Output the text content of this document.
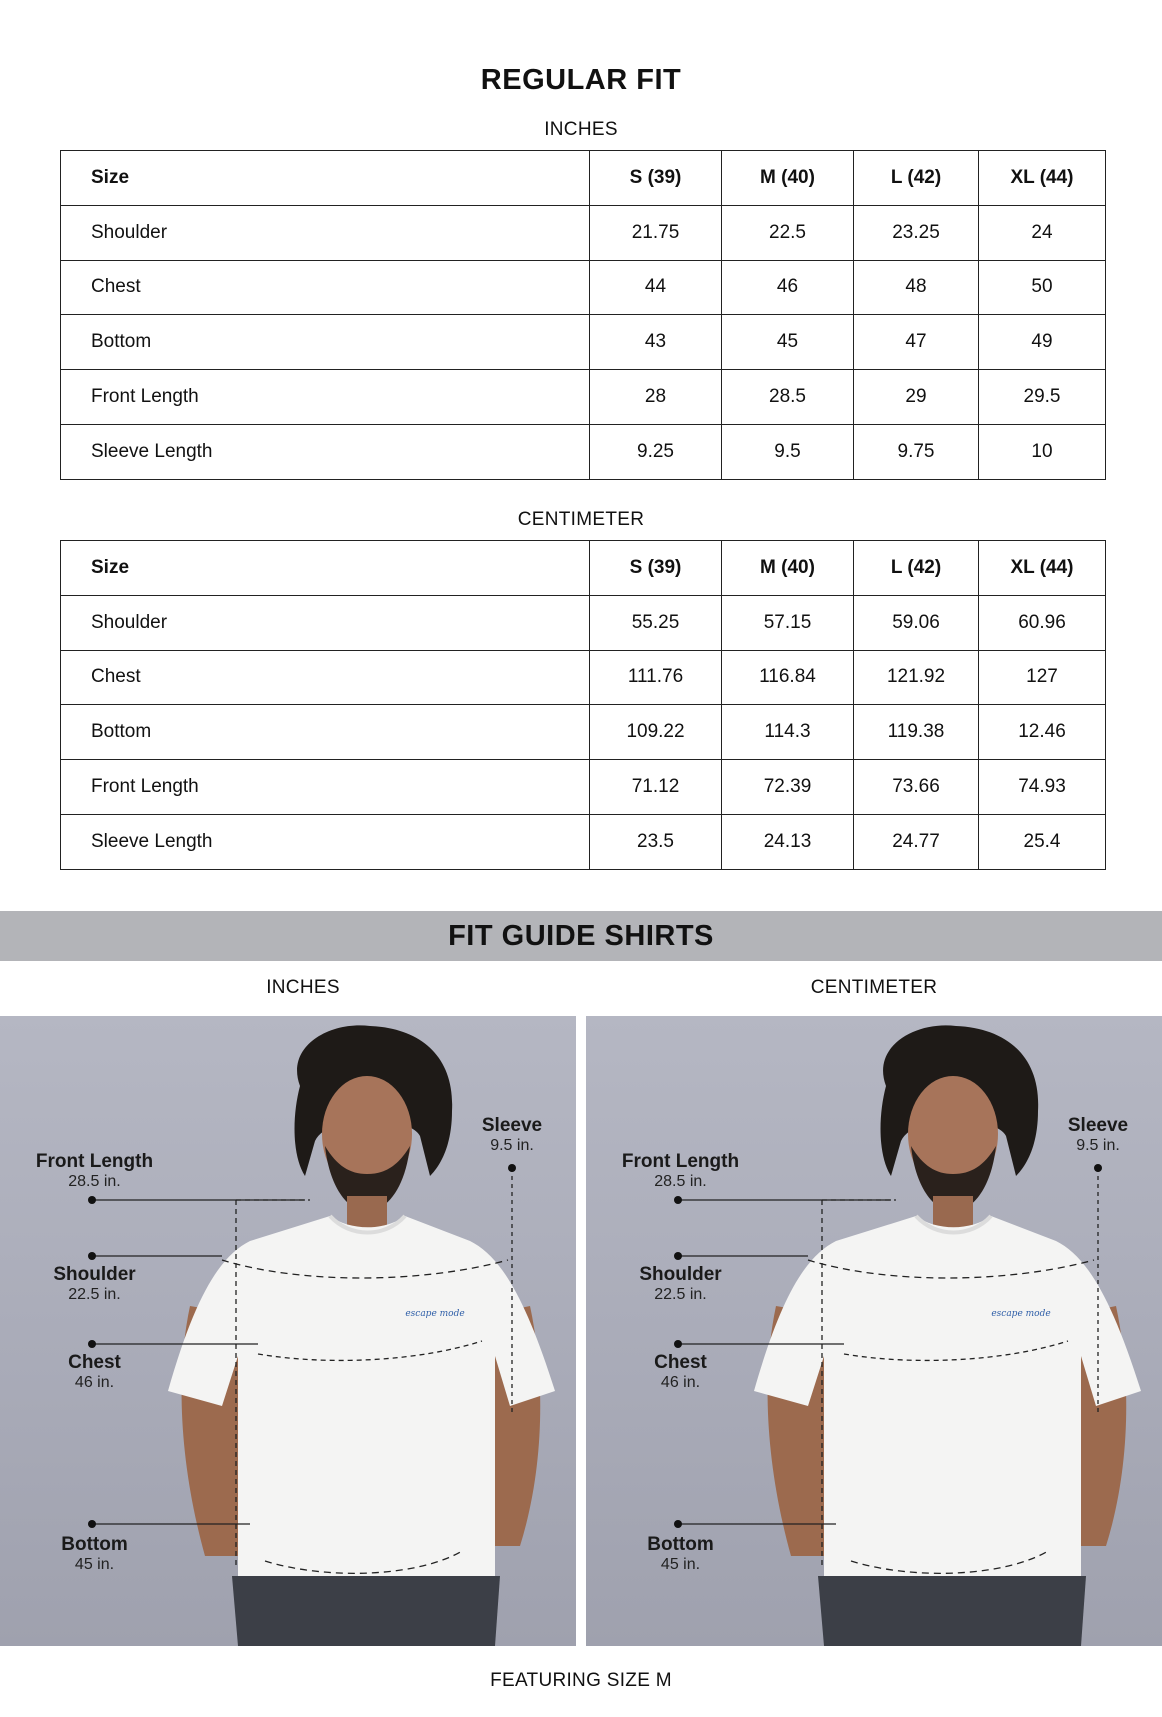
REGULAR FIT
INCHES
Size	S (39)	M (40)	L (42)	XL (44)
Shoulder	21.75	22.5	23.25	24
Chest	44	46	48	50
Bottom	43	45	47	49
Front Length	28	28.5	29	29.5
Sleeve Length	9.25	9.5	9.75	10
CENTIMETER
Size	S (39)	M (40)	L (42)	XL (44)
Shoulder	55.25	57.15	59.06	60.96
Chest	111.76	116.84	121.92	127
Bottom	109.22	114.3	119.38	12.46
Front Length	71.12	72.39	73.66	74.93
Sleeve Length	23.5	24.13	24.77	25.4
FIT GUIDE SHIRTS
INCHES	CENTIMETER
escape mode
Front Length
28.5 in.
Shoulder
22.5 in.
Chest
46 in.
Bottom
45 in.
Sleeve
9.5 in.
escape mode
Front Length
28.5 in.
Shoulder
22.5 in.
Chest
46 in.
Bottom
45 in.
Sleeve
9.5 in.
FEATURING SIZE M
